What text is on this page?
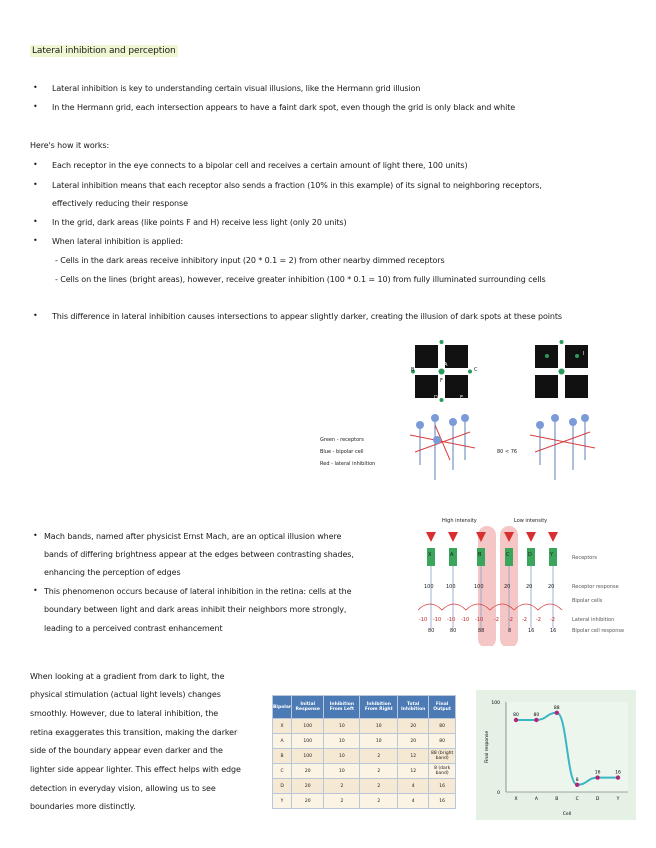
Lateral inhibition and perception
• Lateral inhibition is key to understanding certain visual illusions, like the Hermann grid illusion
• In the Hermann grid, each intersection appears to have a faint dark spot, even though the grid is only black and white
Here's how it works:
• Each receptor in the eye connects to a bipolar cell and receives a certain amount of light there, 100 units)
• Lateral inhibition means that each receptor also sends a fraction (10% in this example) of its signal to neighboring receptors,
effectively reducing their response
• In the grid, dark areas (like points F and H) receive less light (only 20 units)
• When lateral inhibition is applied:
- Cells in the dark areas receive inhibitory input (20 * 0.1 = 2) from other nearby dimmed receptors
- Cells on the lines (bright areas), however, receive greater inhibition (100 * 0.1 = 10) from fully illuminated surrounding cells
• This difference in lateral inhibition causes intersections to appear slightly darker, creating the illusion of dark spots at these points
80 < 76
A
B	C
D	E
F
H	I
Green - receptors
Blue - bipolar cell
Red - lateral inhibition
• Mach bands, named after physicist Ernst Mach, are an optical illusion where
bands of differing brightness appear at the edges between contrasting shades,
enhancing the perception of edges
• This phenomenon occurs because of lateral inhibition in the retina: cells at the
boundary between light and dark areas inhibit their neighbors more strongly,
leading to a perceived contrast enhancement
High intensity	Low intensity
X	A	B	C	D	Y
100 100	100	20	20	20
-10 -10 -10 -10 -10 -2 -2 -2 -2 -2
80	80	88	8	16	16
Receptors
Receptor response
Bipolar cells
Lateral inhibition
Bipolar cell response
When looking at a gradient from dark to light, the
physical stimulation (actual light levels) changes
smoothly. However, due to lateral inhibition, the
retina exaggerates this transition, making the darker
side of the boundary appear even darker and the
lighter side appear lighter. This effect helps with edge
detection in everyday vision, allowing us to see
boundaries more distinctly.
Bipolar	Initial Response	Inhibition From Left	Inhibition From Right	Total Inhibition	Final Output
X	100	10	10	20	80
A	100	10	10	20	80
B	100	10	2	12	88 (bright band)
C	20	10	2	12	8 (dark band)
D	20	2	2	4	16
Y	20	2	2	4	16
80
X
80
A
88
B
8
C
16
D
16
Y
100
0
Cell
Final response
